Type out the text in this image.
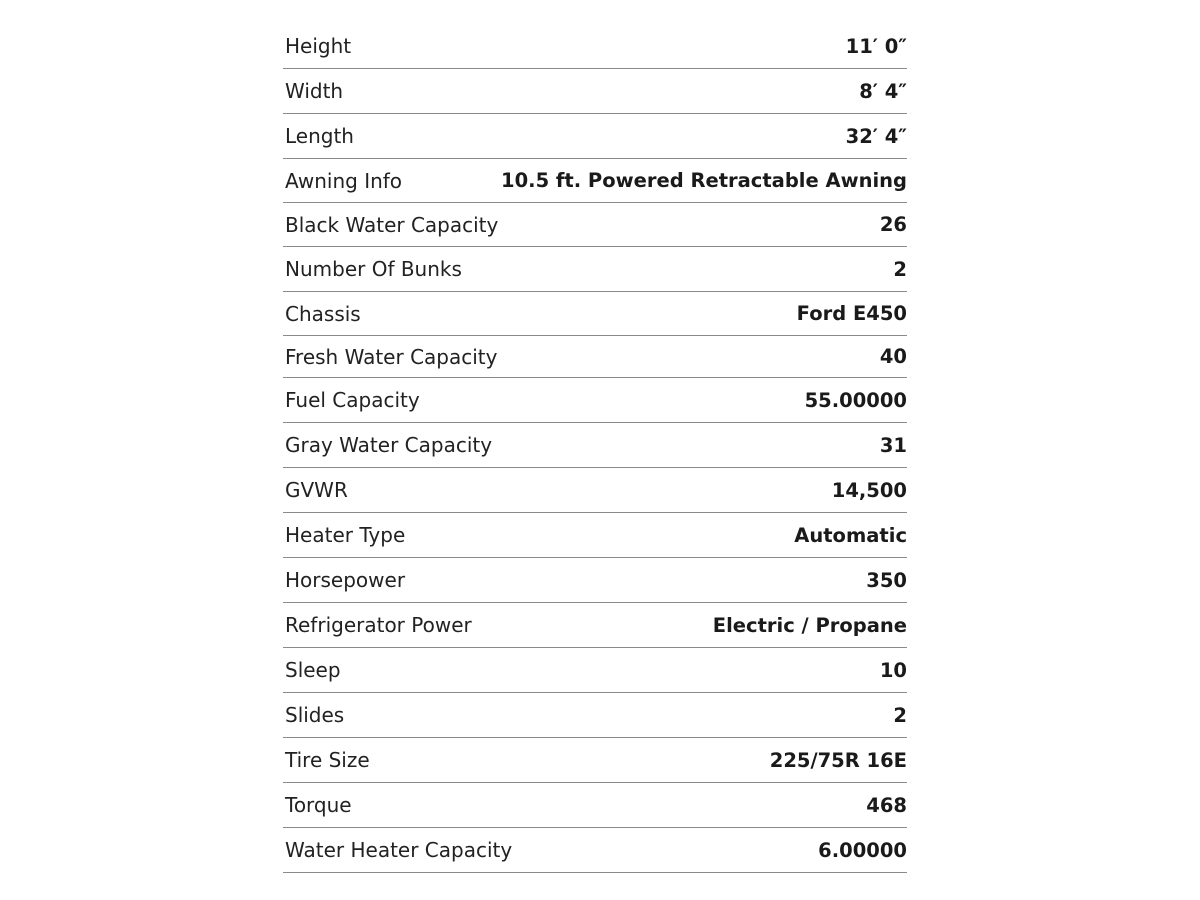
Height	11′ 0″
Width	8′ 4″
Length	32′ 4″
Awning Info	10.5 ft. Powered Retractable Awning
Black Water Capacity	26
Number Of Bunks	2
Chassis	Ford E450
Fresh Water Capacity	40
Fuel Capacity	55.00000
Gray Water Capacity	31
GVWR	14,500
Heater Type	Automatic
Horsepower	350
Refrigerator Power	Electric / Propane
Sleep	10
Slides	2
Tire Size	225/75R 16E
Torque	468
Water Heater Capacity	6.00000
